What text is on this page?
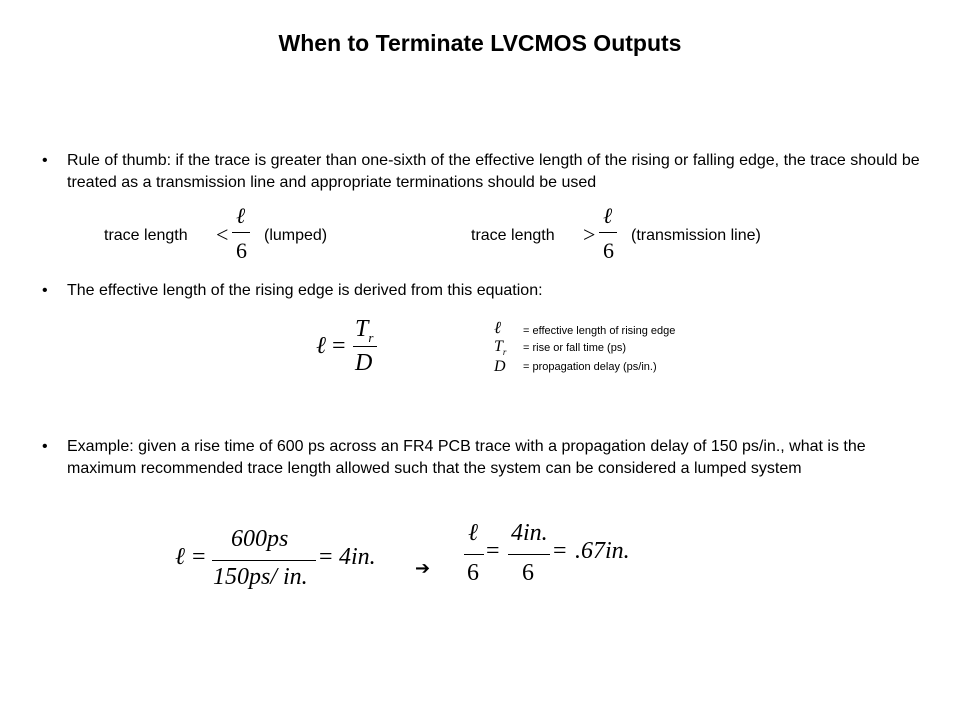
When to Terminate LVCMOS Outputs
•	Rule of thumb: if the trace is greater than one-sixth of the effective length of the rising or falling edge, the trace should be treated as a transmission line and appropriate terminations should be used
trace length <
ℓ
6
(lumped)	trace length >
ℓ
6
(transmission line)
•	The effective length of the rising edge is derived from this equation:
ℓ =
$T_r$
D
ℓ = effective length of rising edge
$T_r$ = rise or fall time (ps)
D = propagation delay (ps/in.)
•	Example: given a rise time of 600 ps across an FR4 PCB trace with a propagation delay of 150 ps/in., what is the maximum recommended trace length allowed such that the system can be considered a lumped system
ℓ =
600ps
150ps/ in.
= 4in. ➔
ℓ
6
=
4in.
6
= .67in.
